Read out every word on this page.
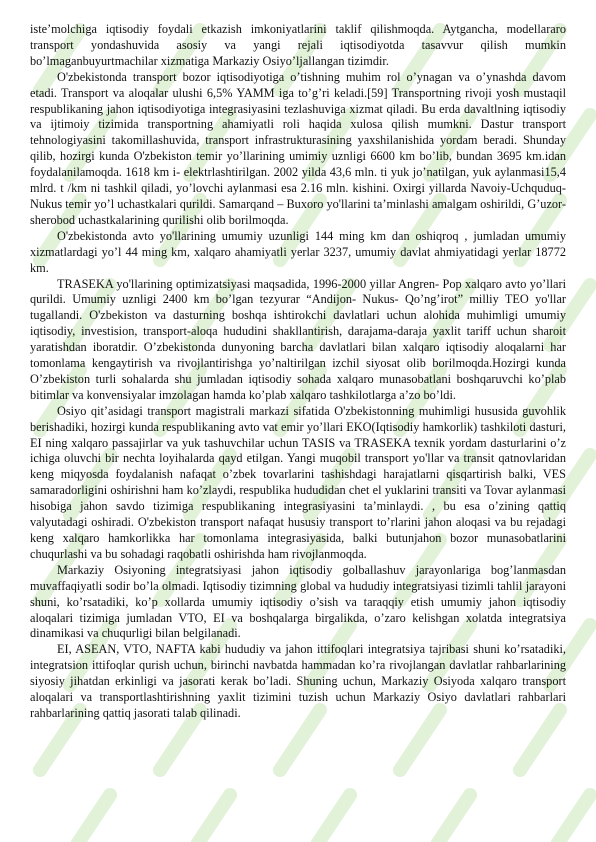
iste’molchiga iqtisodiy foydali etkazish imkoniyatlarini taklif qilishmoqda. Aytgancha, modellararo transport yondashuvida asosiy va yangi rejali iqtisodiyotda tasavvur qilish mumkin bo’lmaganbuyurtmachilar xizmatiga Markaziy Osiyo’ljallangan tizimdir.

O'zbekistonda transport bozor iqtisodiyotiga o’tishning muhim rol o’ynagan va o’ynashda davom etadi. Transport va aloqalar ulushi 6,5% YAMM iga to’g’ri keladi.[59] Transportning rivoji yosh mustaqil respublikaning jahon iqtisodiyotiga integrasiyasini tezlashuviga xizmat qiladi. Bu erda davaltlning iqtisodiy va ijtimoiy tizimida transportning ahamiyatli roli haqida xulosa qilish mumkni. Dastur transport tehnologiyasini takomillashuvida, transport infrastrukturasining yaxshilanishida yordam beradi. Shunday qilib, hozirgi kunda O'zbekiston temir yo’llarining umimiy uznligi 6600 km bo’lib, bundan 3695 km.idan foydalanilamoqda. 1618 km i- elektrlashtirilgan. 2002 yilda 43,6 mln. ti yuk jo’natilgan, yuk aylanmasi15,4 mlrd. t /km ni tashkil qiladi, yo’lovchi aylanmasi esa 2.16 mln. kishini. Oxirgi yillarda Navoiy-Uchquduq-Nukus temir yo’l uchastkalari qurildi. Samarqand – Buxoro yo'llarini ta’minlashi amalgam oshirildi, G’uzor-sherobod uchastkalarining qurilishi olib borilmoqda.

O'zbekistonda avto yo'llarining umumiy uzunligi 144 ming km dan oshiqroq , jumladan umumiy xizmatlardagi yo’l 44 ming km, xalqaro ahamiyatli yerlar 3237, umumiy davlat ahmiyatidagi yerlar 18772 km.

TRASEKA yo'llarining optimizatsiyasi maqsadida, 1996-2000 yillar Angren- Pop xalqaro avto yo’llari qurildi. Umumiy uznligi 2400 km bo’lgan tezyurar “Andijon- Nukus- Qo’ng’irot” milliy TEO yo'llar tugallandi. O'zbekiston va dasturning boshqa ishtirokchi davlatlari uchun alohida muhimligi umumiy iqtisodiy, investision, transport-aloqa hududini shakllantirish, darajama-daraja yaxlit tariff uchun sharoit yaratishdan iboratdir. O’zbekistonda dunyoning barcha davlatlari bilan xalqaro iqtisodiy aloqalarni har tomonlama kengaytirish va rivojlantirishga yo’naltirilgan izchil siyosat olib borilmoqda.Hozirgi kunda O’zbekiston turli sohalarda shu jumladan iqtisodiy sohada xalqaro munasobatlani boshqaruvchi ko’plab bitimlar va konvensiyalar imzolagan hamda ko’plab xalqaro tashkilotlarga a’zo bo’ldi.

Osiyo qit’asidagi transport magistrali markazi sifatida O'zbekistonning muhimligi hususida guvohlik berishadiki, hozirgi kunda respublikaning avto vat emir yo’llari EKO(Iqtisodiy hamkorlik) tashkiloti dasturi, EI ning xalqaro passajirlar va yuk tashuvchilar uchun TASIS va TRASEKA texnik yordam dasturlarini o’z ichiga oluvchi bir nechta loyihalarda qayd etilgan. Yangi muqobil transport yo'llar va transit qatnovlaridan keng miqyosda foydalanish nafaqat o’zbek tovarlarini tashishdagi harajatlarni qisqartirish balki, VES samaradorligini oshirishni ham ko’zlaydi, respublika hududidan chet el yuklarini transiti va Tovar aylanmasi hisobiga jahon savdo tizimiga respublikaning integrasiyasini ta’minlaydi. , bu esa o’zining qattiq valyutadagi oshiradi. O'zbekiston transport nafaqat hususiy transport to’rlarini jahon aloqasi va bu rejadagi keng xalqaro hamkorlikka har tomonlama integrasiyasida, balki butunjahon bozor munasobatlarini chuqurlashi va bu sohadagi raqobatli oshirishda ham rivojlanmoqda.

Markaziy Osiyoning integratsiyasi jahon iqtisodiy golballashuv jarayonlariga bog’lanmasdan muvaffaqiyatli sodir bo’la olmadi. Iqtisodiy tizimning global va hududiy integratsiyasi tizimli tahlil jarayoni shuni, ko’rsatadiki, ko’p xollarda umumiy iqtisodiy o’sish va taraqqiy etish umumiy jahon iqtisodiy aloqalari tizimiga jumladan VTO, EI va boshqalarga birgalikda, o’zaro kelishgan xolatda integratsiya dinamikasi va chuqurligi bilan belgilanadi.

EI, ASEAN, VTO, NAFTA kabi hududiy va jahon ittifoqlari integratsiya tajribasi shuni ko’rsatadiki, integratsion ittifoqlar qurish uchun, birinchi navbatda hammadan ko’ra rivojlangan davlatlar rahbarlarining siyosiy jihatdan erkinligi va jasorati kerak bo’ladi. Shuning uchun, Markaziy Osiyoda xalqaro transport aloqalari va transportlashtirishning yaxlit tizimini tuzish uchun Markaziy Osiyo davlatlari rahbarlari rahbarlarining qattiq jasorati talab qilinadi.
